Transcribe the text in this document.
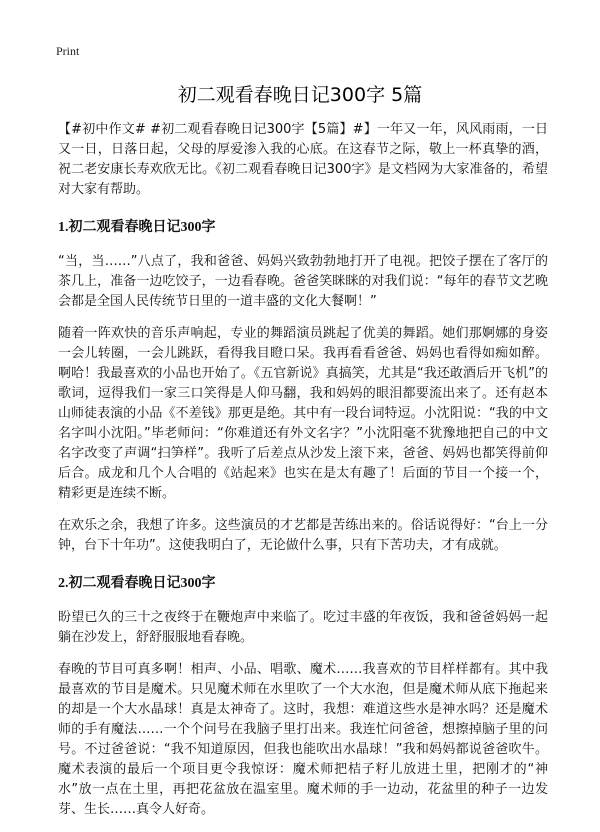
Print
初二观看春晚日记300字 5篇

【#初中作文# #初二观看春晚日记300字【5篇】#】一年又一年，风风雨雨，一日又一日，日落日起，父母的厚爱渗入我的心底。在这春节之际，敬上一杯真挚的酒，祝二老安康长寿欢欣无比。《初二观看春晚日记300字》是文档网为大家准备的，希望对大家有帮助。

1.初二观看春晚日记300字

“当，当……”八点了，我和爸爸、妈妈兴致勃勃地打开了电视。把饺子摆在了客厅的茶几上，准备一边吃饺子，一边看春晚。爸爸笑眯眯的对我们说：“每年的春节文艺晚会都是全国人民传统节日里的一道丰盛的文化大餐啊！”

随着一阵欢快的音乐声响起，专业的舞蹈演员跳起了优美的舞蹈。她们那婀娜的身姿一会儿转圈，一会儿跳跃，看得我目瞪口呆。我再看看爸爸、妈妈也看得如痴如醉。啊哈！我最喜欢的小品也开始了。《五官新说》真搞笑，尤其是“我还敢酒后开飞机”的歌词，逗得我们一家三口笑得是人仰马翻，我和妈妈的眼泪都要流出来了。还有赵本山师徒表演的小品《不差钱》那更是绝。其中有一段台词特逗。小沈阳说：“我的中文名字叫小沈阳。”毕老师问：“你难道还有外文名字？”小沈阳毫不犹豫地把自己的中文名字改变了声调“扫笋样”。我听了后差点从沙发上滚下来，爸爸、妈妈也都笑得前仰后合。成龙和几个人合唱的《站起来》也实在是太有趣了！后面的节目一个接一个，精彩更是连续不断。

在欢乐之余，我想了许多。这些演员的才艺都是苦练出来的。俗话说得好：“台上一分钟，台下十年功”。这使我明白了，无论做什么事，只有下苦功夫，才有成就。

2.初二观看春晚日记300字

盼望已久的三十之夜终于在鞭炮声中来临了。吃过丰盛的年夜饭，我和爸爸妈妈一起躺在沙发上，舒舒服服地看春晚。

春晚的节目可真多啊！相声、小品、唱歌、魔术……我喜欢的节目样样都有。其中我最喜欢的节目是魔术。只见魔术师在水里吹了一个大水泡，但是魔术师从底下拖起来的却是一个大水晶球！真是太神奇了。这时，我想：难道这些水是神水吗？还是魔术师的手有魔法……一个个问号在我脑子里打出来。我连忙问爸爸，想擦掉脑子里的问号。不过爸爸说：“我不知道原因，但我也能吹出水晶球！”我和妈妈都说爸爸吹牛。魔术表演的最后一个项目更令我惊讶：魔术师把桔子籽儿放进土里，把刚才的“神水”放一点在土里，再把花盆放在温室里。魔术师的手一边动，花盆里的种子一边发芽、生长……真令人好奇。
